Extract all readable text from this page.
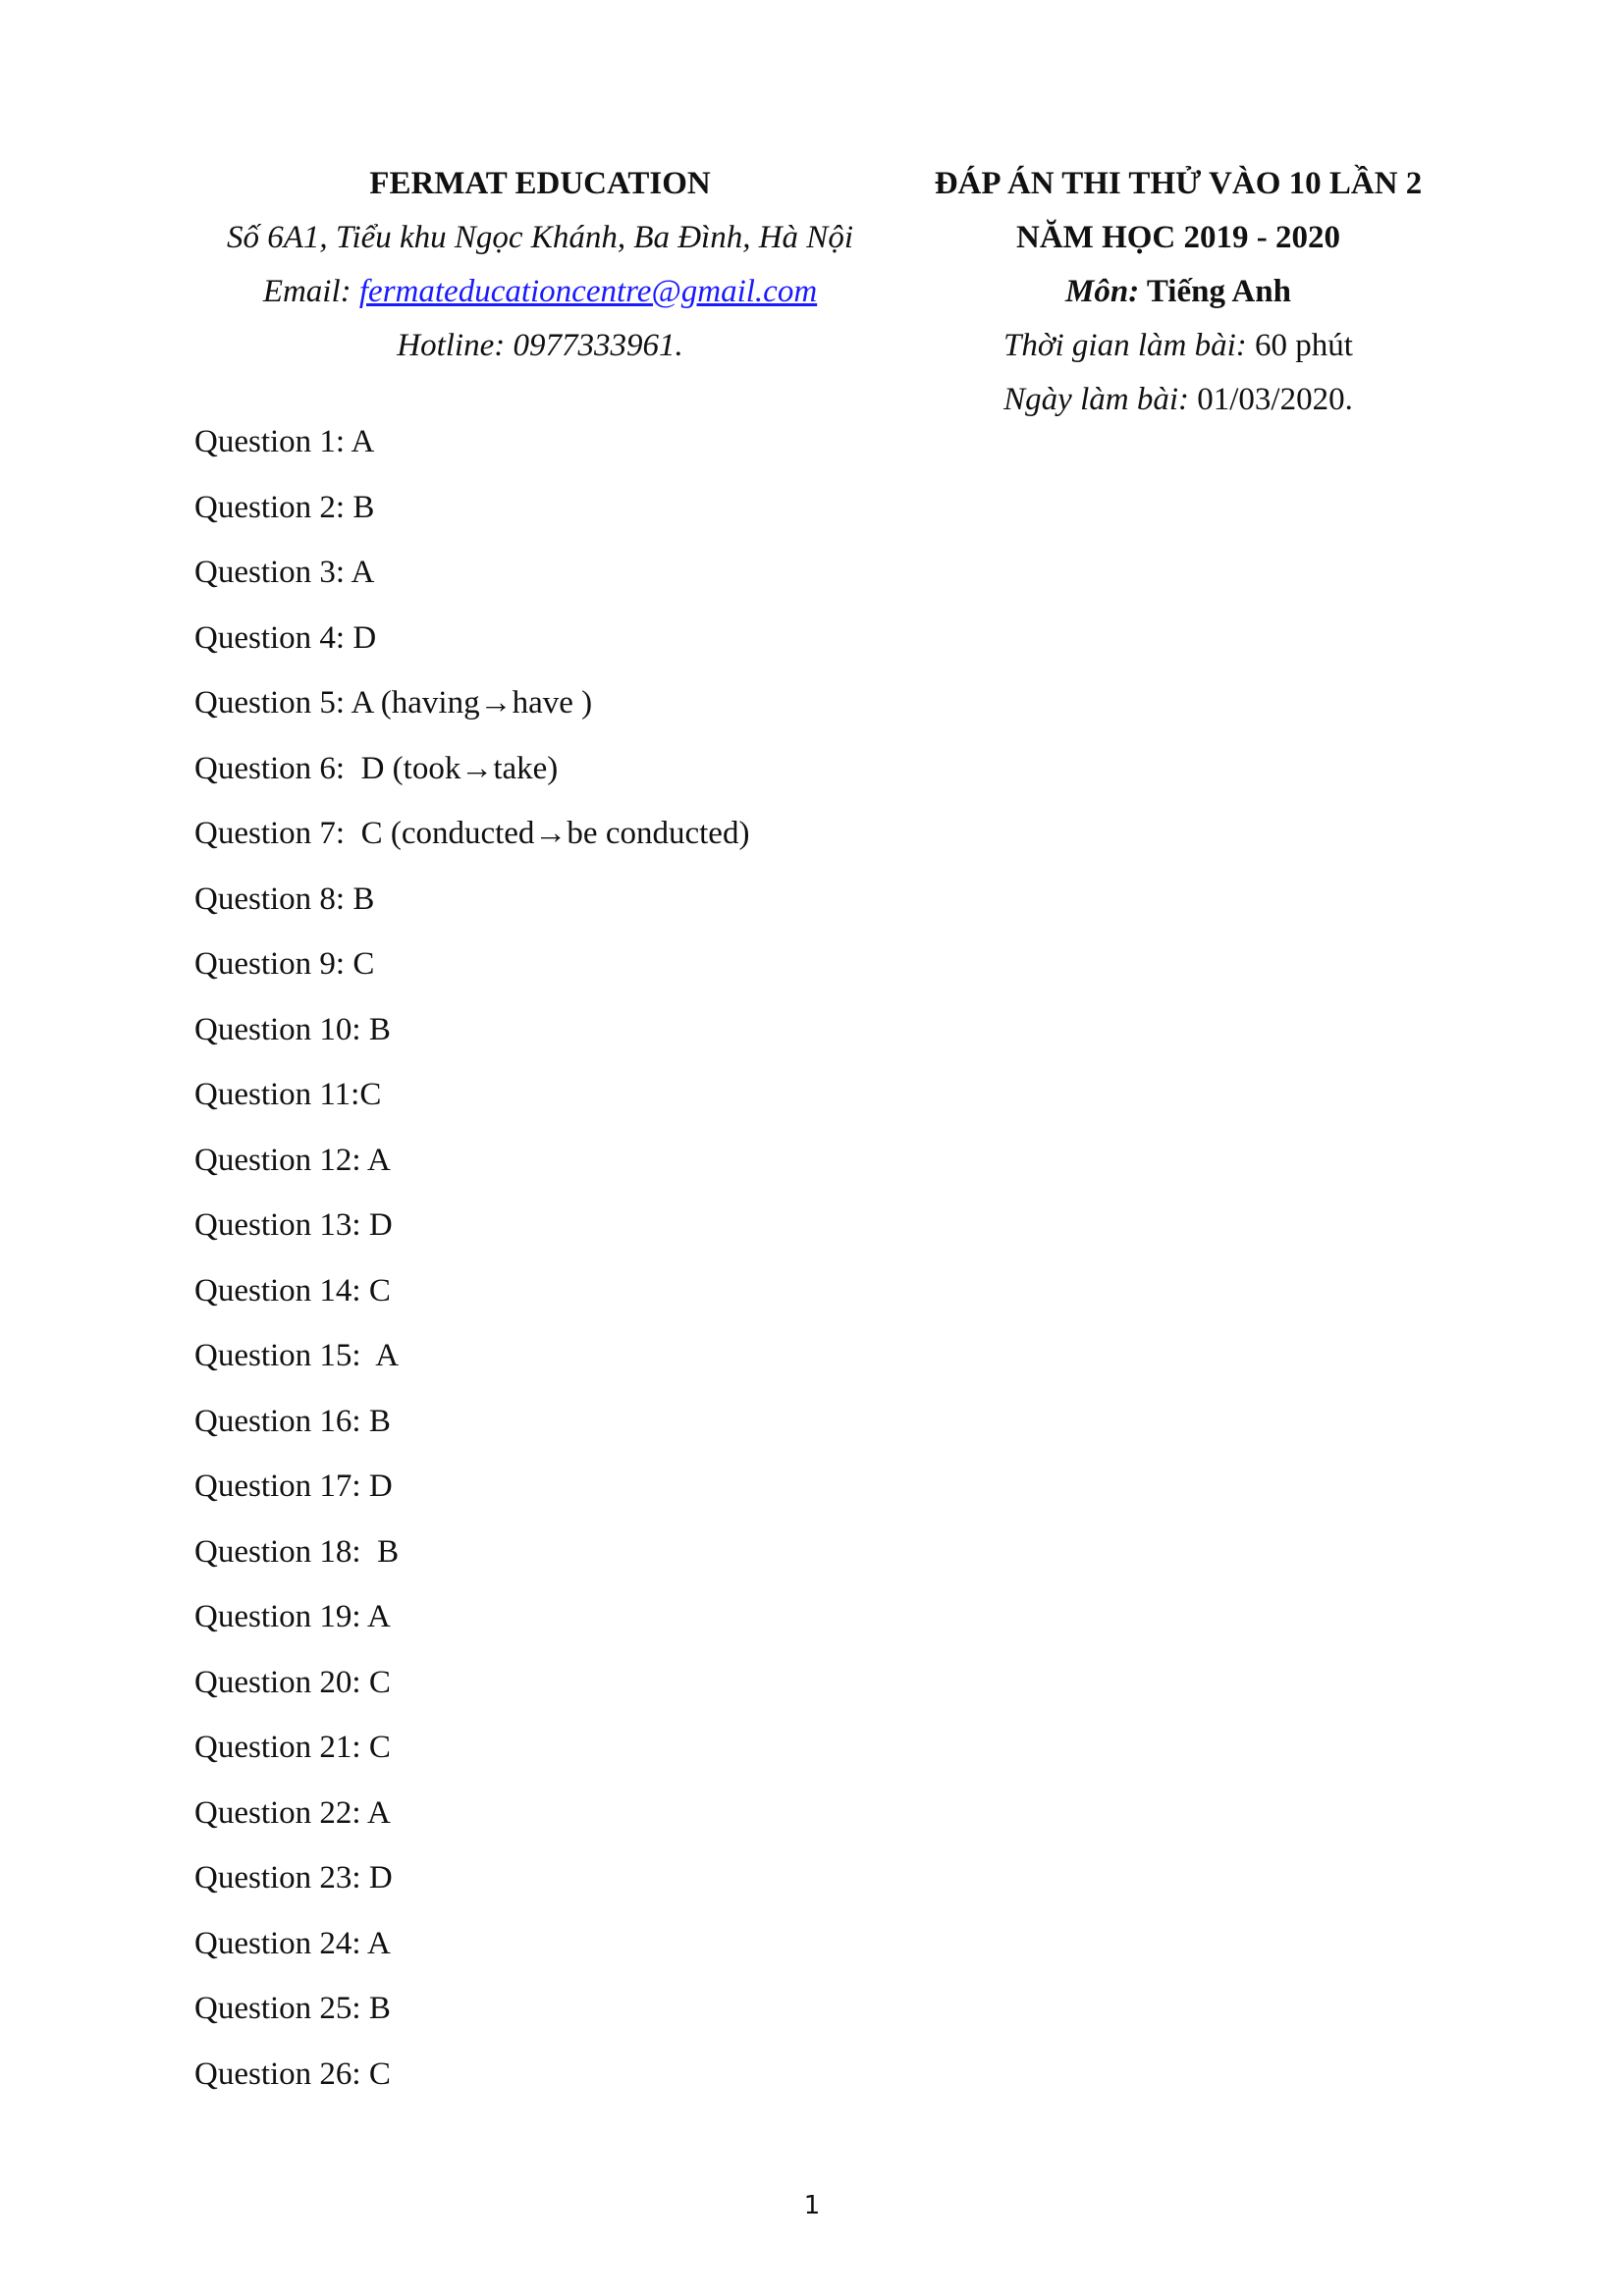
FERMAT EDUCATION
Số 6A1, Tiểu khu Ngọc Khánh, Ba Đình, Hà Nội
Email: fermateducationcentre@gmail.com
Hotline: 0977333961.
ĐÁP ÁN THI THỬ VÀO 10 LẦN 2
NĂM HỌC 2019 - 2020
Môn: Tiếng Anh
Thời gian làm bài: 60 phút
Ngày làm bài: 01/03/2020.
Question 1: A
Question 2: B
Question 3: A
Question 4: D
Question 5: A (having→have )
Question 6:  D (took→take)
Question 7:  C (conducted→be conducted)
Question 8: B
Question 9: C
Question 10: B
Question 11:C
Question 12: A
Question 13: D
Question 14: C
Question 15:  A
Question 16: B
Question 17: D
Question 18:  B
Question 19: A
Question 20: C
Question 21: C
Question 22: A
Question 23: D
Question 24: A
Question 25: B
Question 26: C
1
